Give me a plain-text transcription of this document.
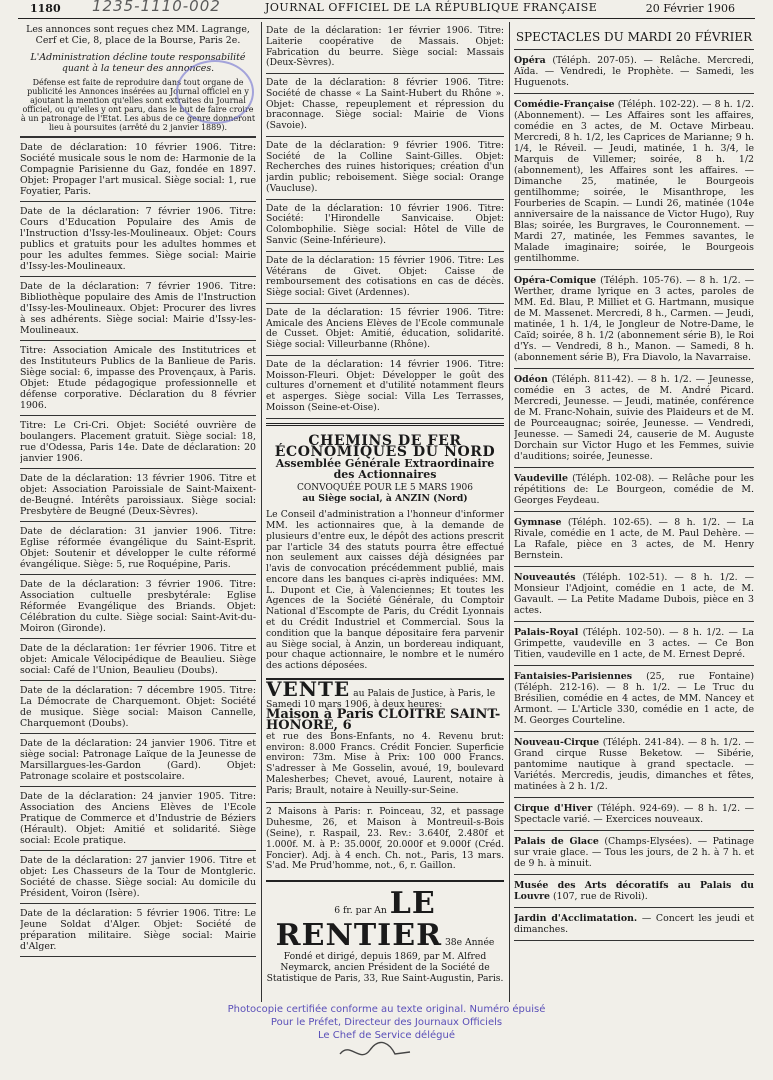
1180 1235-1110-002	JOURNAL OFFICIEL DE LA RÉPUBLIQUE FRANÇAISE	20 Février 1906
Les annonces sont reçues chez MM. Lagrange, Cerf et Cie, 8, place de la Bourse, Paris 2e.
L'Administration décline toute responsabilité quant à la teneur des annonces.
Défense est faite de reproduire dans tout organe de publicité les Annonces insérées au Journal officiel en y ajoutant la mention qu'elles sont extraites du Journal officiel, ou qu'elles y ont paru, dans le but de faire croire à un patronage de l'Etat. Les abus de ce genre donneront lieu à poursuites (arrêté du 2 janvier 1889).
Date de déclaration: 10 février 1906. Titre: Société musicale sous le nom de: Harmonie de la Compagnie Parisienne du Gaz, fondée en 1897. Objet: Propager l'art musical. Siège social: 1, rue Foyatier, Paris.
Date de la déclaration: 7 février 1906. Titre: Cours d'Education Populaire des Amis de l'Instruction d'Issy-les-Moulineaux. Objet: Cours publics et gratuits pour les adultes hommes et pour les adultes femmes. Siège social: Mairie d'Issy-les-Moulineaux.
Date de la déclaration: 7 février 1906. Titre: Bibliothèque populaire des Amis de l'Instruction d'Issy-les-Moulineaux. Objet: Procurer des livres à ses adhérents. Siège social: Mairie d'Issy-les-Moulineaux.
Titre: Association Amicale des Institutrices et des Instituteurs Publics de la Banlieue de Paris. Siège social: 6, impasse des Provençaux, à Paris. Objet: Etude pédagogique professionnelle et défense corporative. Déclaration du 8 février 1906.
Titre: Le Cri-Cri. Objet: Société ouvrière de boulangers. Placement gratuit. Siège social: 18, rue d'Odessa, Paris 14e. Date de déclaration: 20 janvier 1906.
Date de la déclaration: 13 février 1906. Titre et objet: Association Paroissiale de Saint-Maixent-de-Beugné. Intérêts paroissiaux. Siège social: Presbytère de Beugné (Deux-Sèvres).
Date de déclaration: 31 janvier 1906. Titre: Eglise réformée évangélique du Saint-Esprit. Objet: Soutenir et développer le culte réformé évangélique. Siège: 5, rue Roquépine, Paris.
Date de la déclaration: 3 février 1906. Titre: Association cultuelle presbytérale: Eglise Réformée Evangélique des Briands. Objet: Célébration du culte. Siège social: Saint-Avit-du-Moiron (Gironde).
Date de la déclaration: 1er février 1906. Titre et objet: Amicale Vélocipédique de Beaulieu. Siège social: Café de l'Union, Beaulieu (Doubs).
Date de la déclaration: 7 décembre 1905. Titre: La Démocrate de Charquemont. Objet: Société de musique. Siège social: Maison Cannelle, Charquemont (Doubs).
Date de la déclaration: 24 janvier 1906. Titre et siège social: Patronage Laïque de la Jeunesse de Marsillargues-les-Gardon (Gard). Objet: Patronage scolaire et postscolaire.
Date de la déclaration: 24 janvier 1905. Titre: Association des Anciens Elèves de l'Ecole Pratique de Commerce et d'Industrie de Béziers (Hérault). Objet: Amitié et solidarité. Siège social: Ecole pratique.
Date de la déclaration: 27 janvier 1906. Titre et objet: Les Chasseurs de la Tour de Montgleric. Société de chasse. Siège social: Au domicile du Président, Voiron (Isère).
Date de la déclaration: 5 février 1906. Titre: Le Jeune Soldat d'Alger. Objet: Société de préparation militaire. Siège social: Mairie d'Alger.
Date de la déclaration: 1er février 1906. Titre: Laiterie coopérative de Massais. Objet: Fabrication du beurre. Siège social: Massais (Deux-Sèvres).
Date de la déclaration: 8 février 1906. Titre: Société de chasse « La Saint-Hubert du Rhône ». Objet: Chasse, repeuplement et répression du braconnage. Siège social: Mairie de Vions (Savoie).
Date de la déclaration: 9 février 1906. Titre: Société de la Colline Saint-Gilles. Objet: Recherches des ruines historiques; création d'un jardin public; reboisement. Siège social: Orange (Vaucluse).
Date de la déclaration: 10 février 1906. Titre: Société: l'Hirondelle Sanvicaise. Objet: Colombophilie. Siège social: Hôtel de Ville de Sanvic (Seine-Inférieure).
Date de la déclaration: 15 février 1906. Titre: Les Vétérans de Givet. Objet: Caisse de remboursement des cotisations en cas de décès. Siège social: Givet (Ardennes).
Date de la déclaration: 15 février 1906. Titre: Amicale des Anciens Elèves de l'Ecole communale de Cusset. Objet: Amitié, éducation, solidarité. Siège social: Villeurbanne (Rhône).
Date de la déclaration: 14 février 1906. Titre: Moisson-Fleuri. Objet: Développer le goût des cultures d'ornement et d'utilité notamment fleurs et asperges. Siège social: Villa Les Terrasses, Moisson (Seine-et-Oise).
CHEMINS DE FER ÉCONOMIQUES DU NORD
Assemblée Générale Extraordinaire des Actionnaires
CONVOQUÉE POUR LE 5 MARS 1906
au Siège social, à ANZIN (Nord)
Le Conseil d'administration a l'honneur d'informer MM. les actionnaires que, à la demande de plusieurs d'entre eux, le dépôt des actions prescrit par l'article 34 des statuts pourra être effectué non seulement aux caisses déjà désignées par l'avis de convocation précédemment publié, mais encore dans les banques ci-après indiquées: MM. L. Dupont et Cie, à Valenciennes; Et toutes les Agences de la Société Générale, du Comptoir National d'Escompte de Paris, du Crédit Lyonnais et du Crédit Industriel et Commercial. Sous la condition que la banque dépositaire fera parvenir au Siège social, à Anzin, un bordereau indiquant, pour chaque actionnaire, le nombre et le numéro des actions déposées.
VENTE au Palais de Justice, à Paris, le Samedi 10 mars 1906, à deux heures:
Maison à Paris CLOITRE SAINT-HONORÉ, 6
et rue des Bons-Enfants, no 4. Revenu brut: environ: 8.000 Francs. Crédit Foncier. Superficie environ: 73m. Mise à Prix: 100 000 Francs. S'adresser à Me Gosselin, avoué, 19, boulevard Malesherbes; Chevet, avoué, Laurent, notaire à Paris; Brault, notaire à Neuilly-sur-Seine.
2 Maisons à Paris: r. Poinceau, 32, et passage Duhesme, 26, et Maison à Montreuil-s-Bois (Seine), r. Raspail, 23. Rev.: 3.640f, 2.480f et 1.000f. M. à P.: 35.000f, 20.000f et 9.000f (Créd. Foncier). Adj. à 4 ench. Ch. not., Paris, 13 mars. S'ad. Me Prud'homme, not., 6, r. Gaillon.
6 fr. par An LE RENTIER 38e Année
Fondé et dirigé, depuis 1869, par M. Alfred Neymarck, ancien Président de la Société de Statistique de Paris, 33, Rue Saint-Augustin, Paris.
SPECTACLES DU MARDI 20 FÉVRIER
Opéra (Téléph. 207-05). — Relâche. Mercredi, Aïda. — Vendredi, le Prophète. — Samedi, les Huguenots.
Comédie-Française (Téléph. 102-22). — 8 h. 1/2. (Abonnement). — Les Affaires sont les affaires, comédie en 3 actes, de M. Octave Mirbeau. Mercredi, 8 h. 1/2, les Caprices de Marianne; 9 h. 1/4, le Réveil. — Jeudi, matinée, 1 h. 3/4, le Marquis de Villemer; soirée, 8 h. 1/2 (abonnement), les Affaires sont les affaires. — Dimanche 25, matinée, le Bourgeois gentilhomme; soirée, le Misanthrope, les Fourberies de Scapin. — Lundi 26, matinée (104e anniversaire de la naissance de Victor Hugo), Ruy Blas; soirée, les Burgraves, le Couronnement. — Mardi 27, matinée, les Femmes savantes, le Malade imaginaire; soirée, le Bourgeois gentilhomme.
Opéra-Comique (Téléph. 105-76). — 8 h. 1/2. — Werther, drame lyrique en 3 actes, paroles de MM. Ed. Blau, P. Milliet et G. Hartmann, musique de M. Massenet. Mercredi, 8 h., Carmen. — Jeudi, matinée, 1 h. 1/4, le Jongleur de Notre-Dame, le Caïd; soirée, 8 h. 1/2 (abonnement série B), le Roi d'Ys. — Vendredi, 8 h., Manon. — Samedi, 8 h. (abonnement série B), Fra Diavolo, la Navarraise.
Odéon (Téléph. 811-42). — 8 h. 1/2. — Jeunesse, comédie en 3 actes, de M. André Picard. Mercredi, Jeunesse. — Jeudi, matinée, conférence de M. Franc-Nohain, suivie des Plaideurs et de M. de Pourceaugnac; soirée, Jeunesse. — Vendredi, Jeunesse. — Samedi 24, causerie de M. Auguste Dorchain sur Victor Hugo et les Femmes, suivie d'auditions; soirée, Jeunesse.
Vaudeville (Téléph. 102-08). — Relâche pour les répétitions de: Le Bourgeon, comédie de M. Georges Feydeau.
Gymnase (Téléph. 102-65). — 8 h. 1/2. — La Rivale, comédie en 1 acte, de M. Paul Dehère. — La Rafale, pièce en 3 actes, de M. Henry Bernstein.
Nouveautés (Téléph. 102-51). — 8 h. 1/2. — Monsieur l'Adjoint, comédie en 1 acte, de M. Gavault. — La Petite Madame Dubois, pièce en 3 actes.
Palais-Royal (Téléph. 102-50). — 8 h. 1/2. — La Grimpette, vaudeville en 3 actes. — Ce Bon Titien, vaudeville en 1 acte, de M. Ernest Depré.
Fantaisies-Parisiennes (25, rue Fontaine) (Téléph. 212-16). — 8 h. 1/2. — Le Truc du Brésilien, comédie en 4 actes, de MM. Nancey et Armont. — L'Article 330, comédie en 1 acte, de M. Georges Courteline.
Nouveau-Cirque (Téléph. 241-84). — 8 h. 1/2. — Grand cirque Russe Beketow. — Sibérie, pantomime nautique à grand spectacle. — Variétés. Mercredis, jeudis, dimanches et fêtes, matinées à 2 h. 1/2.
Cirque d'Hiver (Téléph. 924-69). — 8 h. 1/2. — Spectacle varié. — Exercices nouveaux.
Palais de Glace (Champs-Elysées). — Patinage sur vraie glace. — Tous les jours, de 2 h. à 7 h. et de 9 h. à minuit.
Musée des Arts décoratifs au Palais du Louvre (107, rue de Rivoli).
Jardin d'Acclimatation. — Concert les jeudi et dimanches.
Photocopie certifiée conforme au texte original. Numéro épuisé
Pour le Préfet, Directeur des Journaux Officiels
Le Chef de Service délégué
